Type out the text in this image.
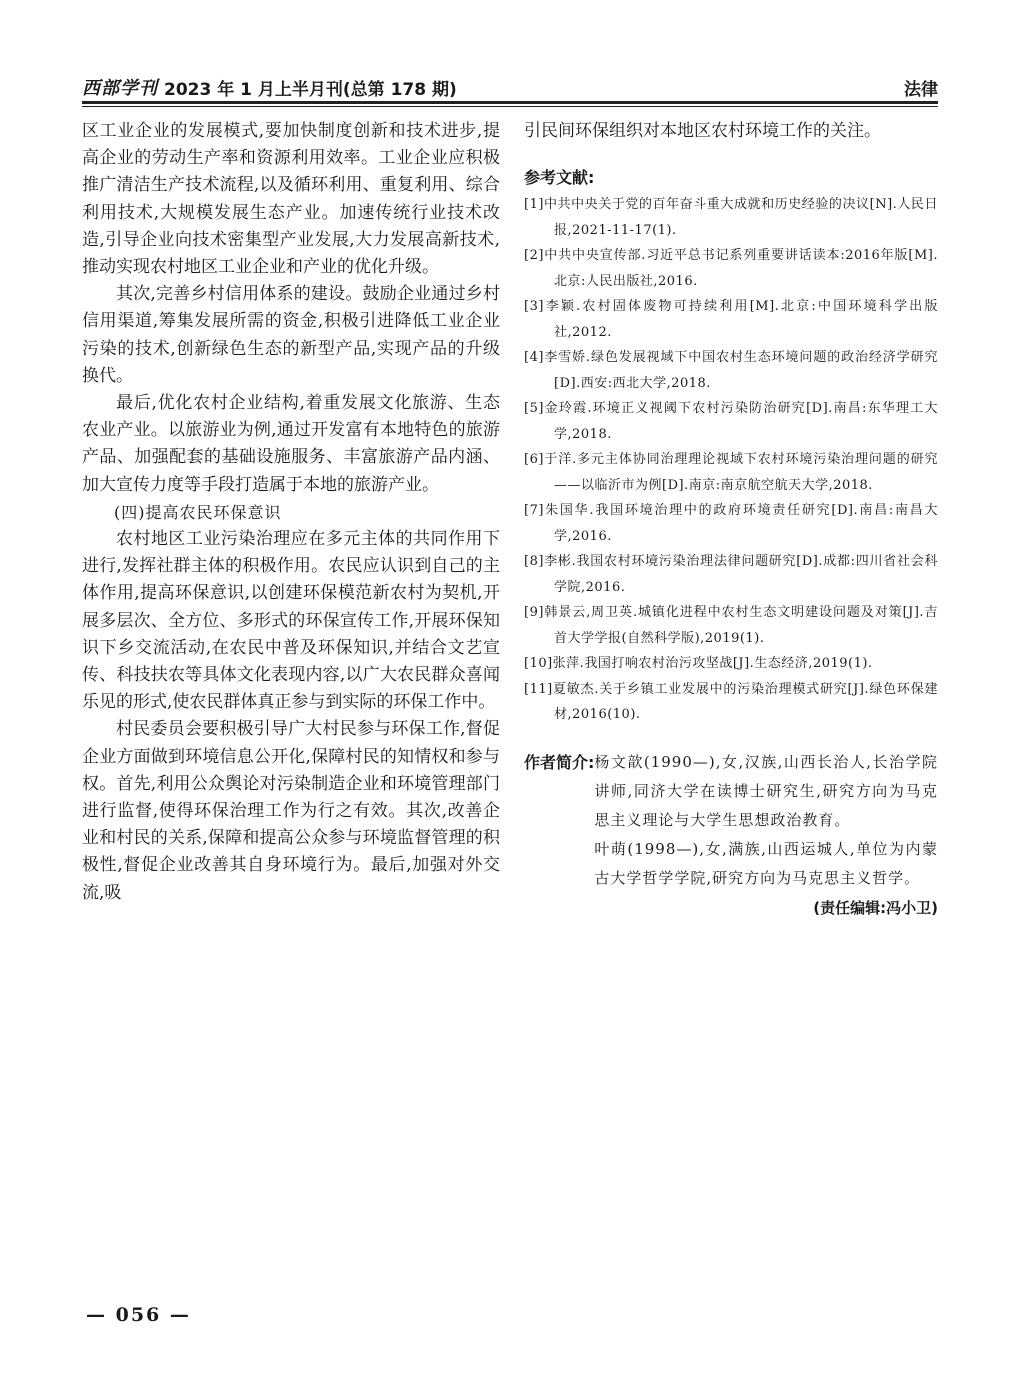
西部学刊 2023 年 1 月上半月刊(总第 178 期)	法律

区工业企业的发展模式,要加快制度创新和技术进步,提高企业的劳动生产率和资源利用效率。工业企业应积极推广清洁生产技术流程,以及循环利用、重复利用、综合利用技术,大规模发展生态产业。加速传统行业技术改造,引导企业向技术密集型产业发展,大力发展高新技术,推动实现农村地区工业企业和产业的优化升级。

其次,完善乡村信用体系的建设。鼓励企业通过乡村信用渠道,筹集发展所需的资金,积极引进降低工业企业污染的技术,创新绿色生态的新型产品,实现产品的升级换代。

最后,优化农村企业结构,着重发展文化旅游、生态农业产业。以旅游业为例,通过开发富有本地特色的旅游产品、加强配套的基础设施服务、丰富旅游产品内涵、加大宣传力度等手段打造属于本地的旅游产业。

(四)提高农民环保意识

农村地区工业污染治理应在多元主体的共同作用下进行,发挥社群主体的积极作用。农民应认识到自己的主体作用,提高环保意识,以创建环保模范新农村为契机,开展多层次、全方位、多形式的环保宣传工作,开展环保知识下乡交流活动,在农民中普及环保知识,并结合文艺宣传、科技扶农等具体文化表现内容,以广大农民群众喜闻乐见的形式,使农民群体真正参与到实际的环保工作中。

村民委员会要积极引导广大村民参与环保工作,督促企业方面做到环境信息公开化,保障村民的知情权和参与权。首先,利用公众舆论对污染制造企业和环境管理部门进行监督,使得环保治理工作为行之有效。其次,改善企业和村民的关系,保障和提高公众参与环境监督管理的积极性,督促企业改善其自身环境行为。最后,加强对外交流,吸

引民间环保组织对本地区农村环境工作的关注。

参考文献:
[1]中共中央关于党的百年奋斗重大成就和历史经验的决议[N].人民日报,2021-11-17(1).
[2]中共中央宣传部.习近平总书记系列重要讲话读本:2016年版[M].北京:人民出版社,2016.
[3]李颖.农村固体废物可持续利用[M].北京:中国环境科学出版社,2012.
[4]李雪娇.绿色发展视域下中国农村生态环境问题的政治经济学研究[D].西安:西北大学,2018.
[5]金玲霞.环境正义视阈下农村污染防治研究[D].南昌:东华理工大学,2018.
[6]于洋.多元主体协同治理理论视域下农村环境污染治理问题的研究——以临沂市为例[D].南京:南京航空航天大学,2018.
[7]朱国华.我国环境治理中的政府环境责任研究[D].南昌:南昌大学,2016.
[8]李彬.我国农村环境污染治理法律问题研究[D].成都:四川省社会科学院,2016.
[9]韩景云,周卫英.城镇化进程中农村生态文明建设问题及对策[J].吉首大学学报(自然科学版),2019(1).
[10]张萍.我国打响农村治污攻坚战[J].生态经济,2019(1).
[11]夏敏杰.关于乡镇工业发展中的污染治理模式研究[J].绿色环保建材,2016(10).
作者简介: 杨文歆(1990—),女,汉族,山西长治人,长治学院讲师,同济大学在读博士研究生,研究方向为马克思主义理论与大学生思想政治教育。

叶萌(1998—),女,满族,山西运城人,单位为内蒙古大学哲学学院,研究方向为马克思主义哲学。

(责任编辑:冯小卫)
— 056 —
